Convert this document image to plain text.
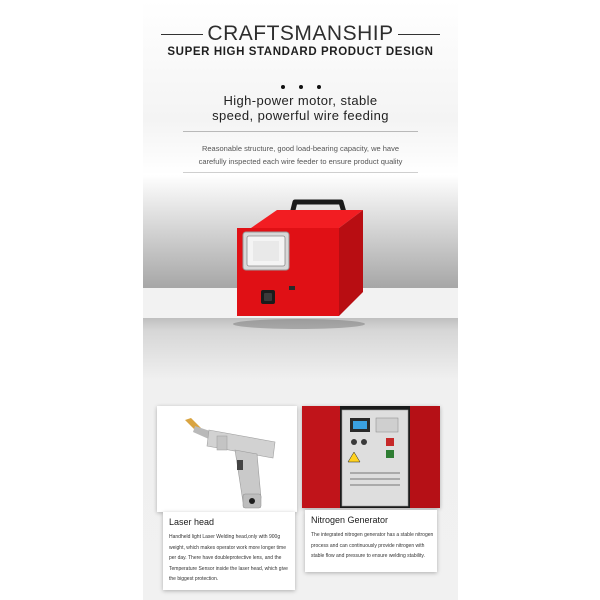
CRAFTSMANSHIP
SUPER HIGH STANDARD PRODUCT DESIGN
High-power motor, stable
speed, powerful wire feeding
Reasonable structure, good load-bearing capacity, we have
carefully inspected each wire feeder to ensure product quality
Laser head
Handheld light Laser Welding head,only with 900g
weight, which makes operator work more longer time
per day. There have doubleprotective lens, and the
Temperature Sensor inside the laser head, which give
the biggest protection.
Nitrogen Generator
The integrated nitrogen generator has a stable nitrogen
process and can continuously provide nitrogen with
stable flow and pressure to ensure welding stability.
